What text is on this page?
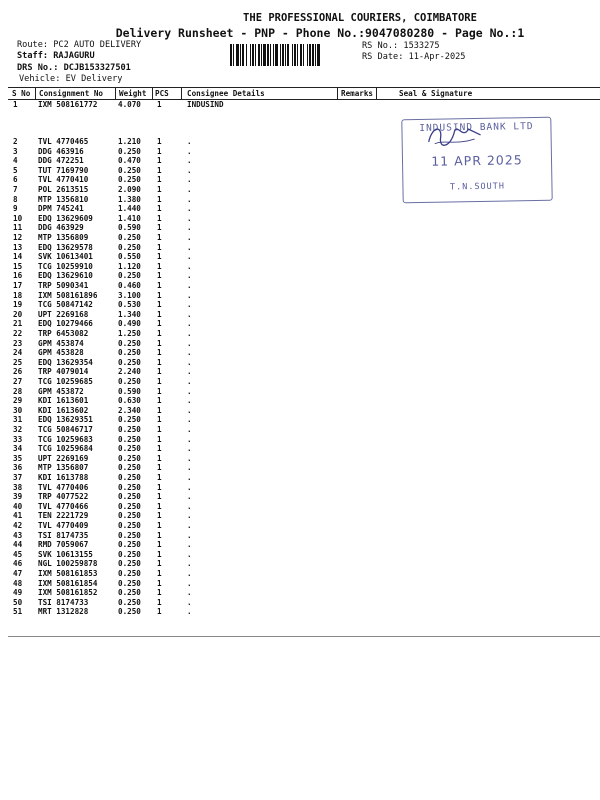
THE PROFESSIONAL COURIERS, COIMBATORE
Delivery Runsheet - PNP - Phone No.:9047080280 - Page No.:1
Route: PC2 AUTO DELIVERY
Staff: RAJAGURU
DRS No.: DCJB153327501
Vehicle: EV Delivery
RS No.: 1533275
RS Date: 11-Apr-2025
S No Consignment No Weight PCS Consignee Details	Remarks	Seal & Signature
1	IXM 508161772	4.070 1	INDUSIND
2	TVL 4770465	1.210 1	.
3	DDG 463916	0.250 1	.
4	DDG 472251	0.470 1	.
5	TUT 7169790	0.250 1	.
6	TVL 4770410	0.250 1	.
7	POL 2613515	2.090 1	.
8	MTP 1356810	1.380 1	.
9	DPM 745241	1.440 1	.
10 EDQ 13629609	1.410 1	.
11 DDG 463929	0.590 1	.
12 MTP 1356809	0.250 1	.
13 EDQ 13629578	0.250 1	.
14 SVK 10613401	0.550 1	.
15 TCG 10259910	1.120 1	.
16 EDQ 13629610	0.250 1	.
17 TRP 5090341	0.460 1	.
18 IXM 508161896	3.100 1	.
19 TCG 50847142	0.530 1	.
20 UPT 2269168	1.340 1	.
21 EDQ 10279466	0.490 1	.
22 TRP 6453082	1.250 1	.
23 GPM 453874	0.250 1	.
24 GPM 453828	0.250 1	.
25 EDQ 13629354	0.250 1	.
26 TRP 4079014	2.240 1	.
27 TCG 10259685	0.250 1	.
28 GPM 453872	0.590 1	.
29 KDI 1613601	0.630 1	.
30 KDI 1613602	2.340 1	.
31 EDQ 13629351	0.250 1	.
32 TCG 50846717	0.250 1	.
33 TCG 10259683	0.250 1	.
34 TCG 10259684	0.250 1	.
35 UPT 2269169	0.250 1	.
36 MTP 1356807	0.250 1	.
37 KDI 1613788	0.250 1	.
38 TVL 4770406	0.250 1	.
39 TRP 4077522	0.250 1	.
40 TVL 4770466	0.250 1	.
41 TEN 2221729	0.250 1	.
42 TVL 4770409	0.250 1	.
43 TSI 8174735	0.250 1	.
44 RMD 7059067	0.250 1	.
45 SVK 10613155	0.250 1	.
46 NGL 100259878	0.250 1	.
47 IXM 508161853	0.250 1	.
48 IXM 508161854	0.250 1	.
49 IXM 508161852	0.250 1	.
50 TSI 8174733	0.250 1	.
51 MRT 1312828	0.250 1	.
INDUSIND BANK LTD
11 APR 2025
T.N.SOUTH
